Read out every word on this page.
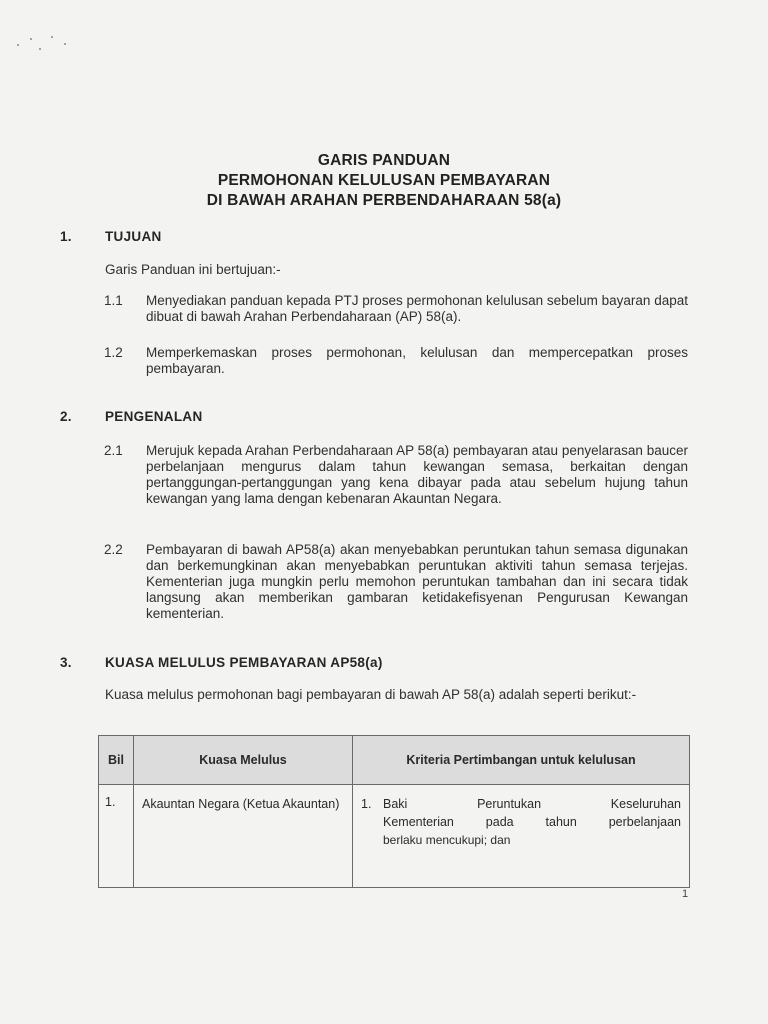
GARIS PANDUAN
PERMOHONAN KELULUSAN PEMBAYARAN
DI BAWAH ARAHAN PERBENDAHARAAN 58(a)
1. TUJUAN
Garis Panduan ini bertujuan:-
1.1 Menyediakan panduan kepada PTJ proses permohonan kelulusan sebelum bayaran dapat dibuat di bawah Arahan Perbendaharaan (AP) 58(a).
1.2 Memperkemaskan proses permohonan, kelulusan dan mempercepatkan proses pembayaran.
2. PENGENALAN
2.1 Merujuk kepada Arahan Perbendaharaan AP 58(a) pembayaran atau penyelarasan baucer perbelanjaan mengurus dalam tahun kewangan semasa, berkaitan dengan pertanggungan-pertanggungan yang kena dibayar pada atau sebelum hujung tahun kewangan yang lama dengan kebenaran Akauntan Negara.
2.2 Pembayaran di bawah AP58(a) akan menyebabkan peruntukan tahun semasa digunakan dan berkemungkinan akan menyebabkan peruntukan aktiviti tahun semasa terjejas. Kementerian juga mungkin perlu memohon peruntukan tambahan dan ini secara tidak langsung akan memberikan gambaran ketidakefisyenan Pengurusan Kewangan kementerian.
3. KUASA MELULUS PEMBAYARAN AP58(a)
Kuasa melulus permohonan bagi pembayaran di bawah AP 58(a) adalah seperti berikut:-
Bil	Kuasa Melulus	Kriteria Pertimbangan untuk kelulusan
1.	Akauntan Negara (Ketua Akauntan)	1. Baki Peruntukan Keseluruhan
Kementerian pada tahun perbelanjaan
berlaku mencukupi; dan
1
